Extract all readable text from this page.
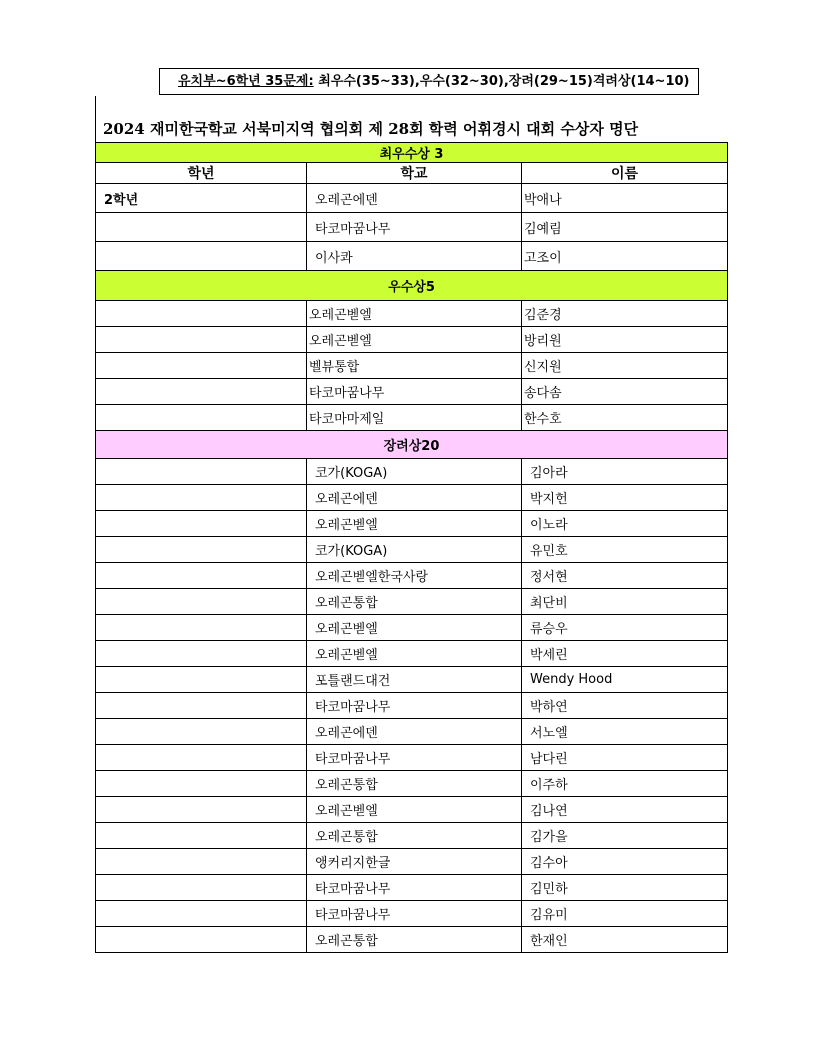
유치부~6학년 35문제: 최우수(35~33),우수(32~30),장려(29~15)격려상(14~10)
2024 재미한국학교 서북미지역 협의회 제 28회 학력 어휘경시 대회 수상자 명단
최우수상 3		
학년	학교	이름
2학년	오레곤에덴	박애나
	타코마꿈나무	김예림
	이사콰	고조이
우수상5		
	오레곤벧엘	김준경
	오레곤벧엘	방리원
	벨뷰통합	신지원
	타코마꿈나무	송다솜
	타코마마제일	한수호
장려상20		
	코가(KOGA)	김아라
	오레곤에덴	박지헌
	오레곤벧엘	이노라
	코가(KOGA)	유민호
	오레곤벧엘한국사랑	정서현
	오레곤통합	최단비
	오레곤벧엘	류승우
	오레곤벧엘	박세린
	포틀랜드대건	Wendy Hood
	타코마꿈나무	박하연
	오레곤에덴	서노엘
	타코마꿈나무	남다린
	오레곤통합	이주하
	오레곤벧엘	김나연
	오레곤통합	김가을
	앵커리지한글	김수아
	타코마꿈나무	김민하
	타코마꿈나무	김유미
	오레곤통합	한재인
